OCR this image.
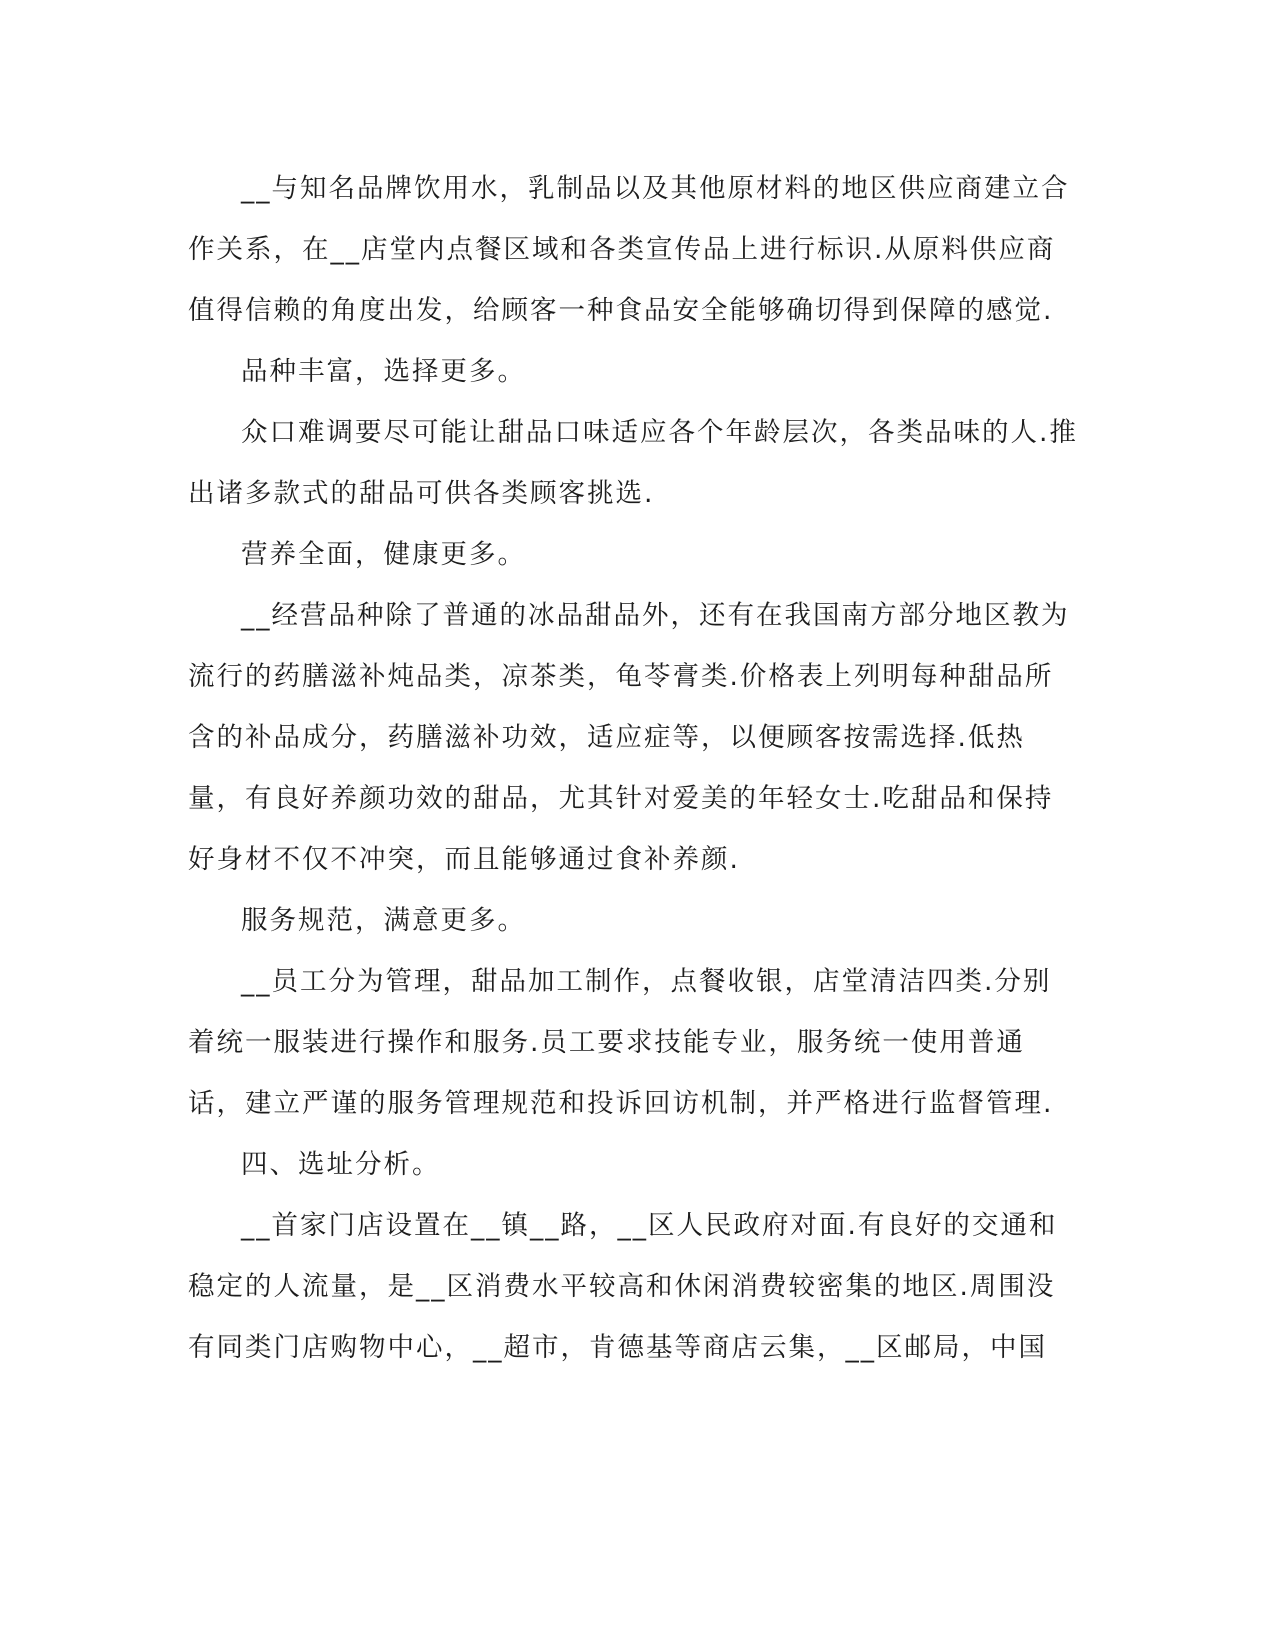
__与知名品牌饮用水，乳制品以及其他原材料的地区供应商建立合作关系，在__店堂内点餐区域和各类宣传品上进行标识.从原料供应商值得信赖的角度出发，给顾客一种食品安全能够确切得到保障的感觉.

品种丰富，选择更多。

众口难调要尽可能让甜品口味适应各个年龄层次，各类品味的人.推出诸多款式的甜品可供各类顾客挑选.

营养全面，健康更多。

__经营品种除了普通的冰品甜品外，还有在我国南方部分地区教为流行的药膳滋补炖品类，凉茶类，龟苓膏类.价格表上列明每种甜品所含的补品成分，药膳滋补功效，适应症等，以便顾客按需选择.低热量，有良好养颜功效的甜品，尤其针对爱美的年轻女士.吃甜品和保持好身材不仅不冲突，而且能够通过食补养颜.

服务规范，满意更多。

__员工分为管理，甜品加工制作，点餐收银，店堂清洁四类.分别着统一服装进行操作和服务.员工要求技能专业，服务统一使用普通话，建立严谨的服务管理规范和投诉回访机制，并严格进行监督管理.

四、选址分析。

__首家门店设置在__镇__路，__区人民政府对面.有良好的交通和稳定的人流量，是__区消费水平较高和休闲消费较密集的地区.周围没有同类门店购物中心，__超市，肯德基等商店云集，__区邮局，中国
